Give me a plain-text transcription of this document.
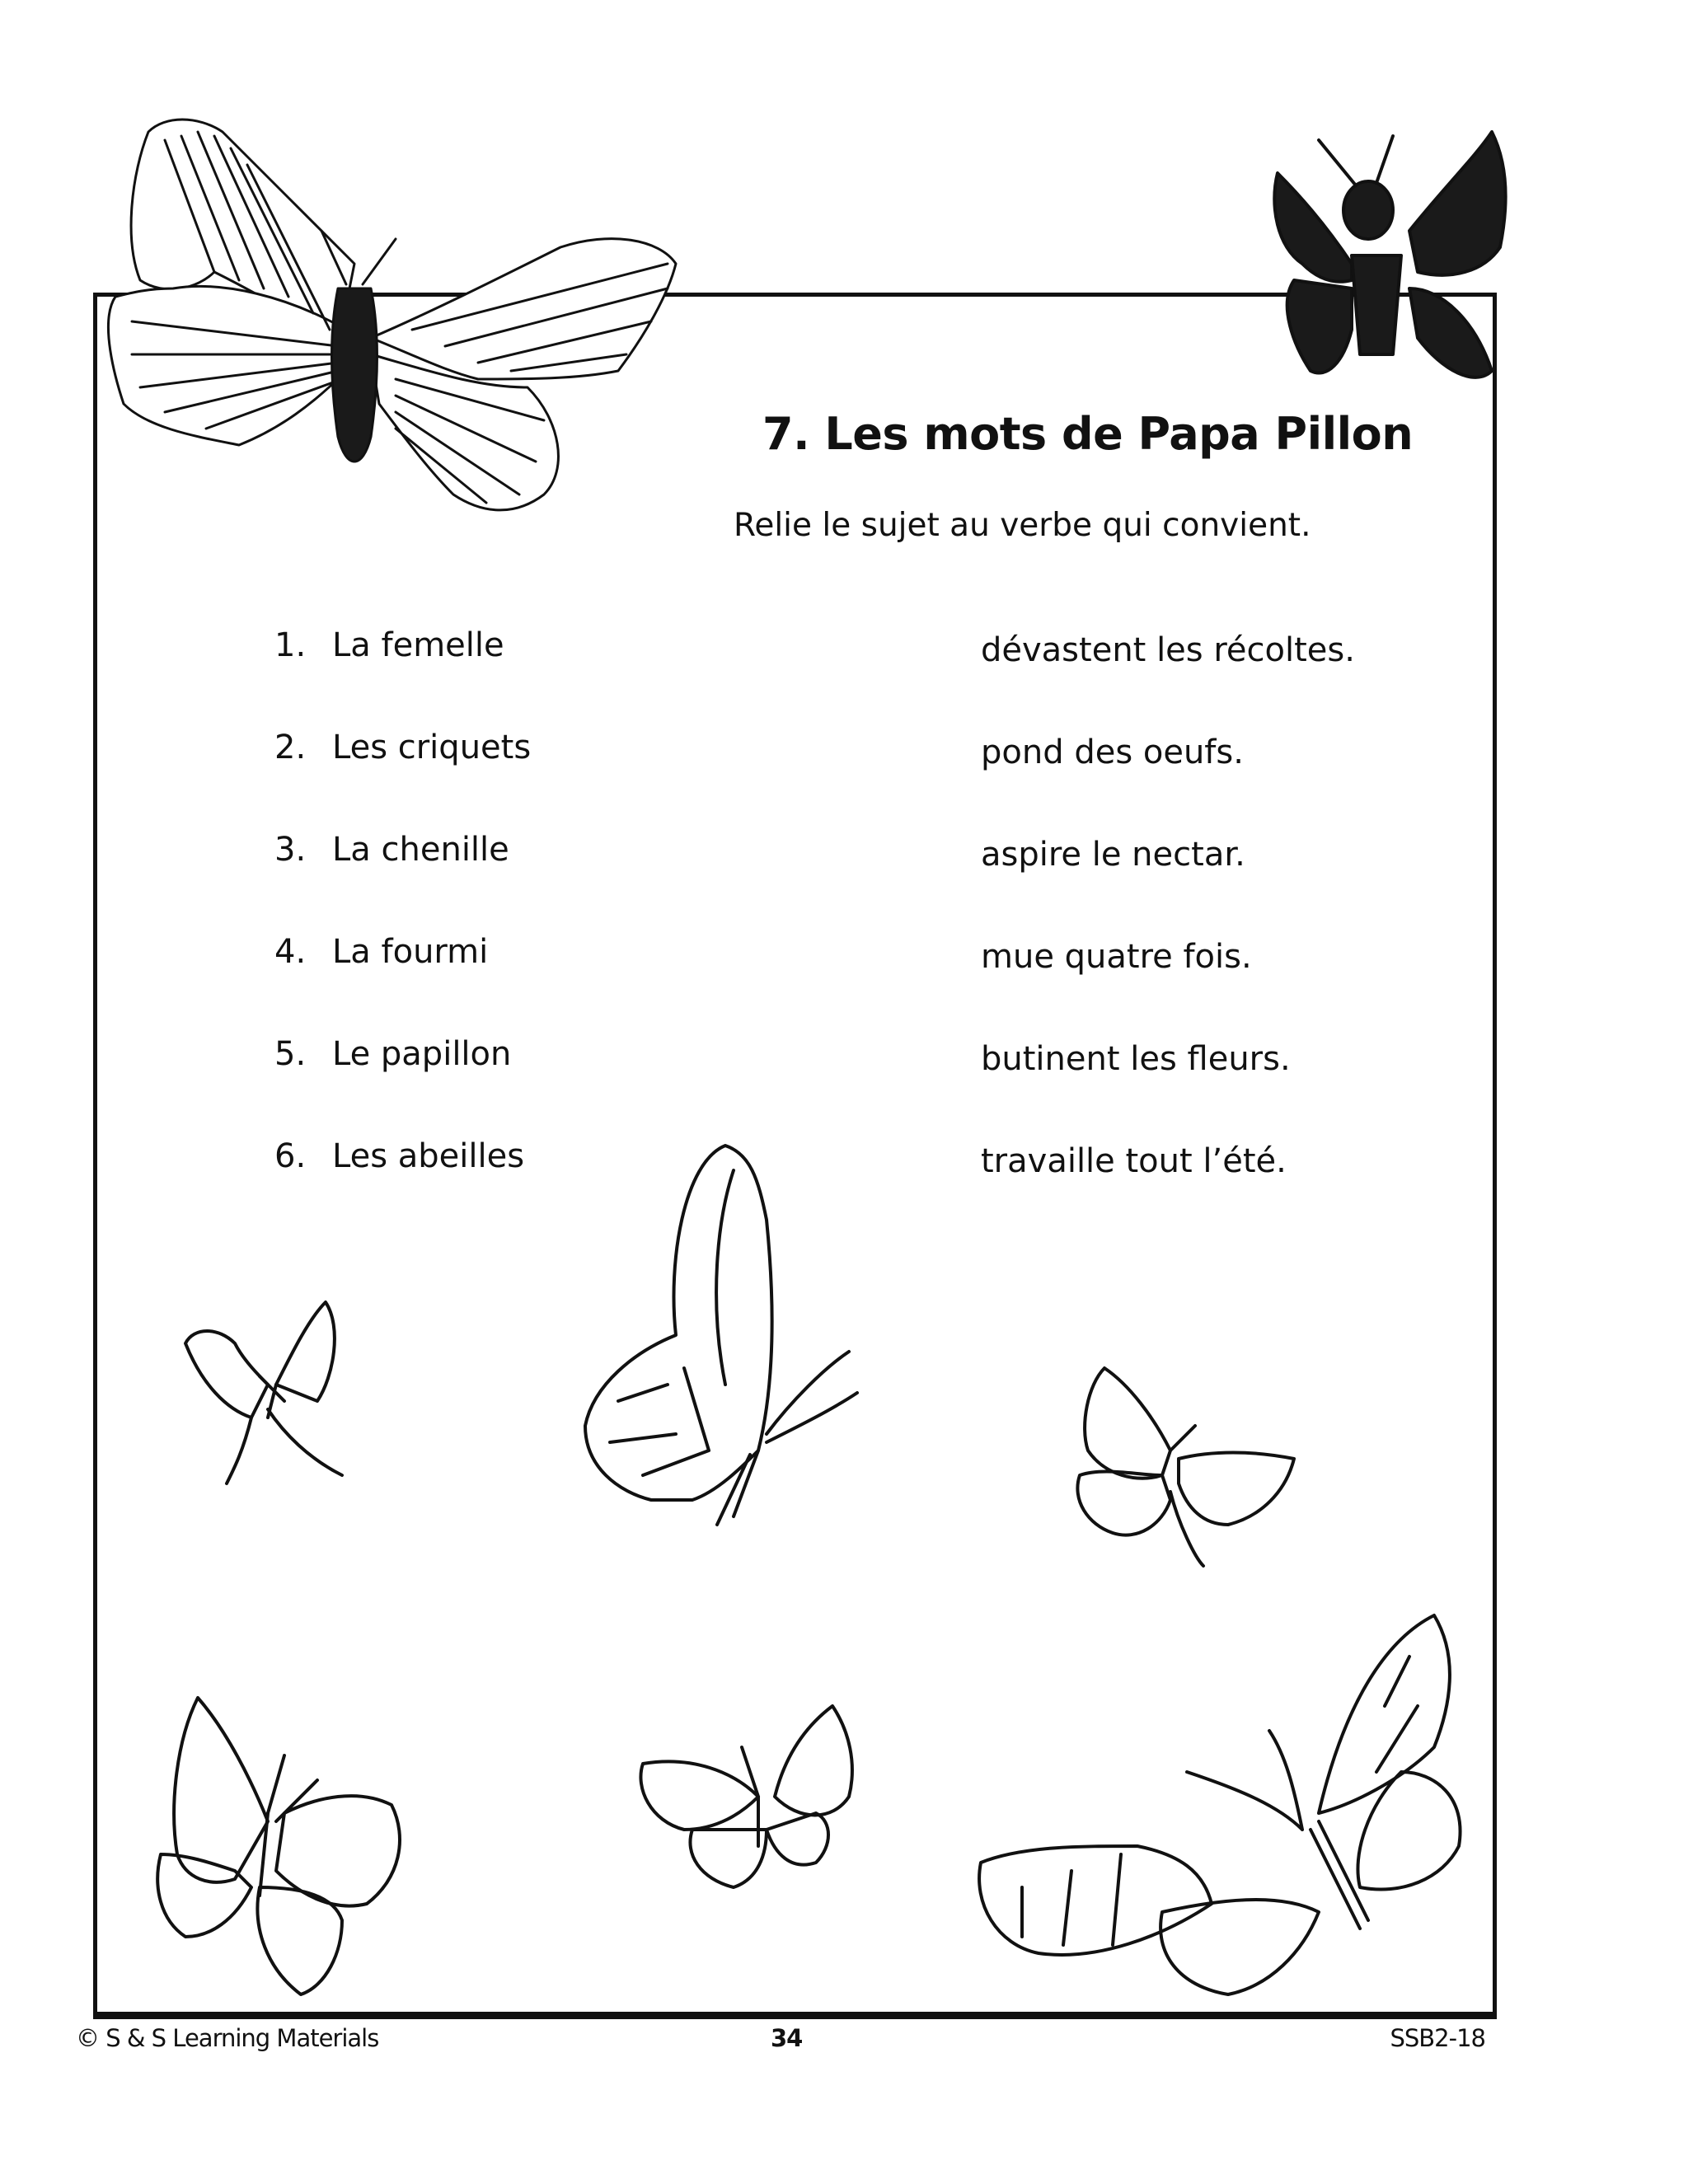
7. Les mots de Papa Pillon
Relie le sujet au verbe qui convient.
1. La femelle
2. Les criquets
3. La chenille
4. La fourmi
5. Le papillon
6. Les abeilles
dévastent les récoltes.
pond des oeufs.
aspire le nectar.
mue quatre fois.
butinent les fleurs.
travaille tout l’été.
© S & S Learning Materials	34	SSB2-18
